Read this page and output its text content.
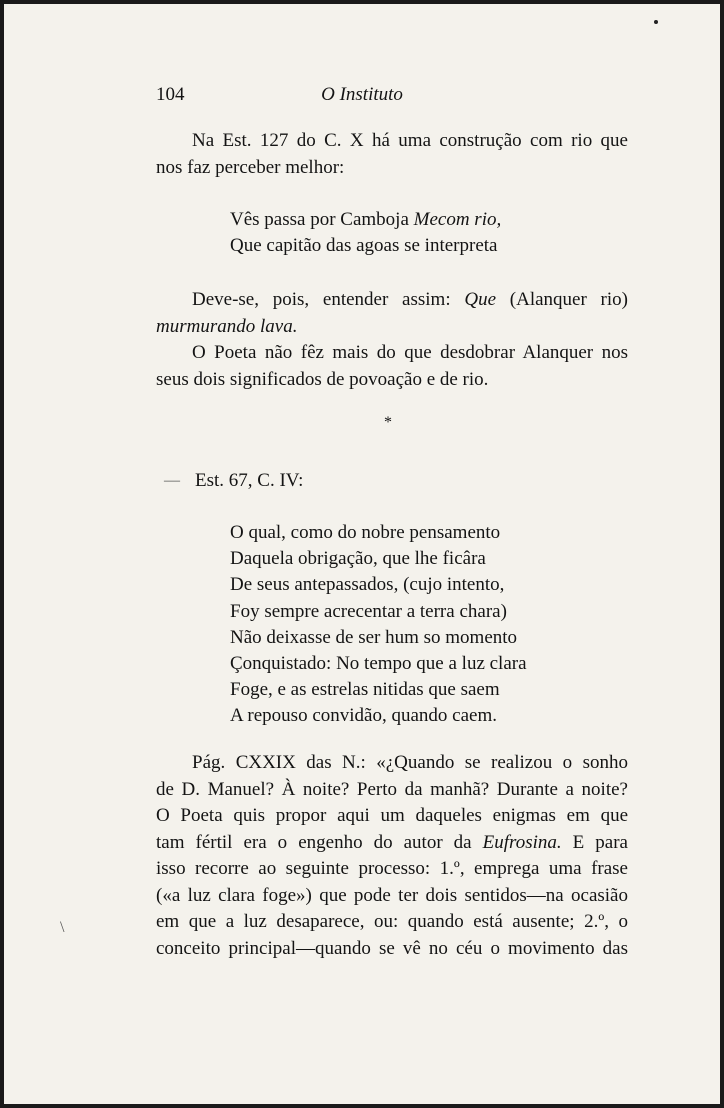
104	O Instituto
Na Est. 127 do C. X há uma construção com rio que
nos faz perceber melhor:
Vês passa por Camboja Mecom rio,
Que capitão das agoas se interpreta
Deve-se, pois, entender assim: Que (Alanquer rio)
murmurando lava.
O Poeta não fêz mais do que desdobrar Alanquer nos
seus dois significados de povoação e de rio.
*
— Est. 67, C. IV:
O qual, como do nobre pensamento
Daquela obrigação, que lhe ficâra
De seus antepassados, (cujo intento,
Foy sempre acrecentar a terra chara)
Não deixasse de ser hum so momento
Çonquistado: No tempo que a luz clara
Foge, e as estrelas nitidas que saem
A repouso convidão, quando caem.
Pág. CXXIX das N.: «¿Quando se realizou o sonho
de D. Manuel? À noite? Perto da manhã? Durante a noite?
O Poeta quis propor aqui um daqueles enigmas em que
tam fértil era o engenho do autor da Eufrosina. E para
isso recorre ao seguinte processo: 1.º, emprega uma frase
(«a luz clara foge») que pode ter dois sentidos—na ocasião
em que a luz desaparece, ou: quando está ausente; 2.º, o
conceito principal—quando se vê no céu o movimento das
\
